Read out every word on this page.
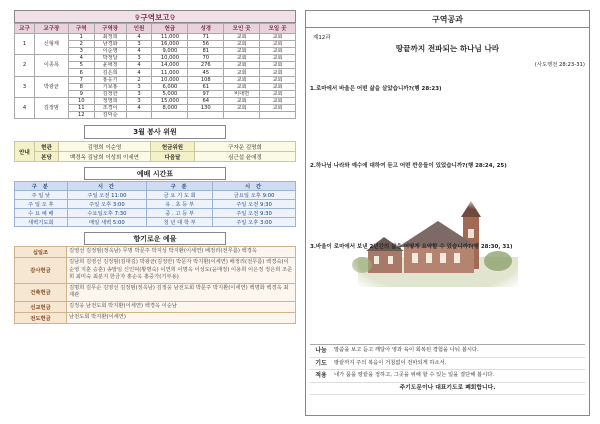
✞구역보고✞
교구	교구장	구역	구역장	인원	헌금	성경	모인 곳	모일 곳
1	신형재	1	최정희	4	11,000	71	교회	교회
		2	남경화	3	16,000	56	교회	교회
		3	이순영	4	9,000	81	교회	교회
2	이종목	4	박정달	3	10,000	70	교회	교회
		5	윤애정	4	14,000	276	교회	교회
		6	김은희	4	11,000	45	교회	교회
3	박광균	7	홍응기	2	10,000	108	교회	교회
		8	기보홍	3	6,000	61	교회	교회
		9	김정한	3	5,000	97	비대면	교회
4	김정범	10	정영희	3	15,000	64	교회	교회
		11	조경이	4	8,000	130	교회	교회
		12	김덕순					
3월 봉사 위원
안내	현관	김명희 이순영	헌금위원	구자운 김명희
	본당	백경옥 김남희 이성희 이세연	다음달	심근섭 윤애정
예배 시간표
구 분	시 간	구 분	시 간
주 일 낮	주일 오전 11:00	금 요 기 도 회	금요일 오후 9:00
주 일 오 후	주일 오후 3:00	유 . 초 등 부	주일 오전 9:30
수 요 예 배	수요일오후 7:30	중 . 고 등 부	주일 오전 9:30
새벽기도회	매일 새벽 5:00	청 년 대 학 부	주일 오후 3:00
향기로운 예물
십일조	김영선 김정범(정옥남) 무명 박문주 박지성 박지환(이세연) 배정리(전무름) 백경옥
감사헌금	김남희 김영선 김정범(김대길) 박광균(김정란) 박문자 박지환(이세연) 배정리(전무름) 백경숙(이순영 지훈 승훈) 송말임 신인덕(황명숙) 이연희 이명옥 이성도(윤애정) 이용희 이은정 정은희 조준희 최미숙 최분지 한금자 홍순옥 홍중가(기부용)
건축헌금	김명희 김무순 김영선 김정범(정옥남) 김정웅 남전도회 박문주 박지환(이세연) 백명화 백경옥 최재관
선교헌금	김정웅 남전도회 박지환(이세연) 백경옥 이순남
전도헌금	남전도회 박지환(이세연)
구역공과
제12과
땅끝까지 전파되는 하나님 나라
(사도행전 28:23-31)
1.로마에서 바울은 어떤 삶을 살았습니까?(행 28:23)
2.하나님 나라와 예수에 대하여 듣고 어떤 반응들이 있었습니까?(행 28:24, 25)
3.바울이 로마에서 보낸 2년간의 삶을 어떻게 요약할 수 있습니까?(행 28:30, 31)
나눔	말씀을 보고 듣고 깨달아 영과 육이 회복된 경험을 나눠 봅시다.
기도	땅끝까지 주의 복음이 거침없이 전파되게 하소서.
적용	내가 품을 땅끝을 정하고, 그곳을 위해 할 수 있는 일을 결단해 봅시다.
주기도문이나 대표기도로 폐회합니다.	
